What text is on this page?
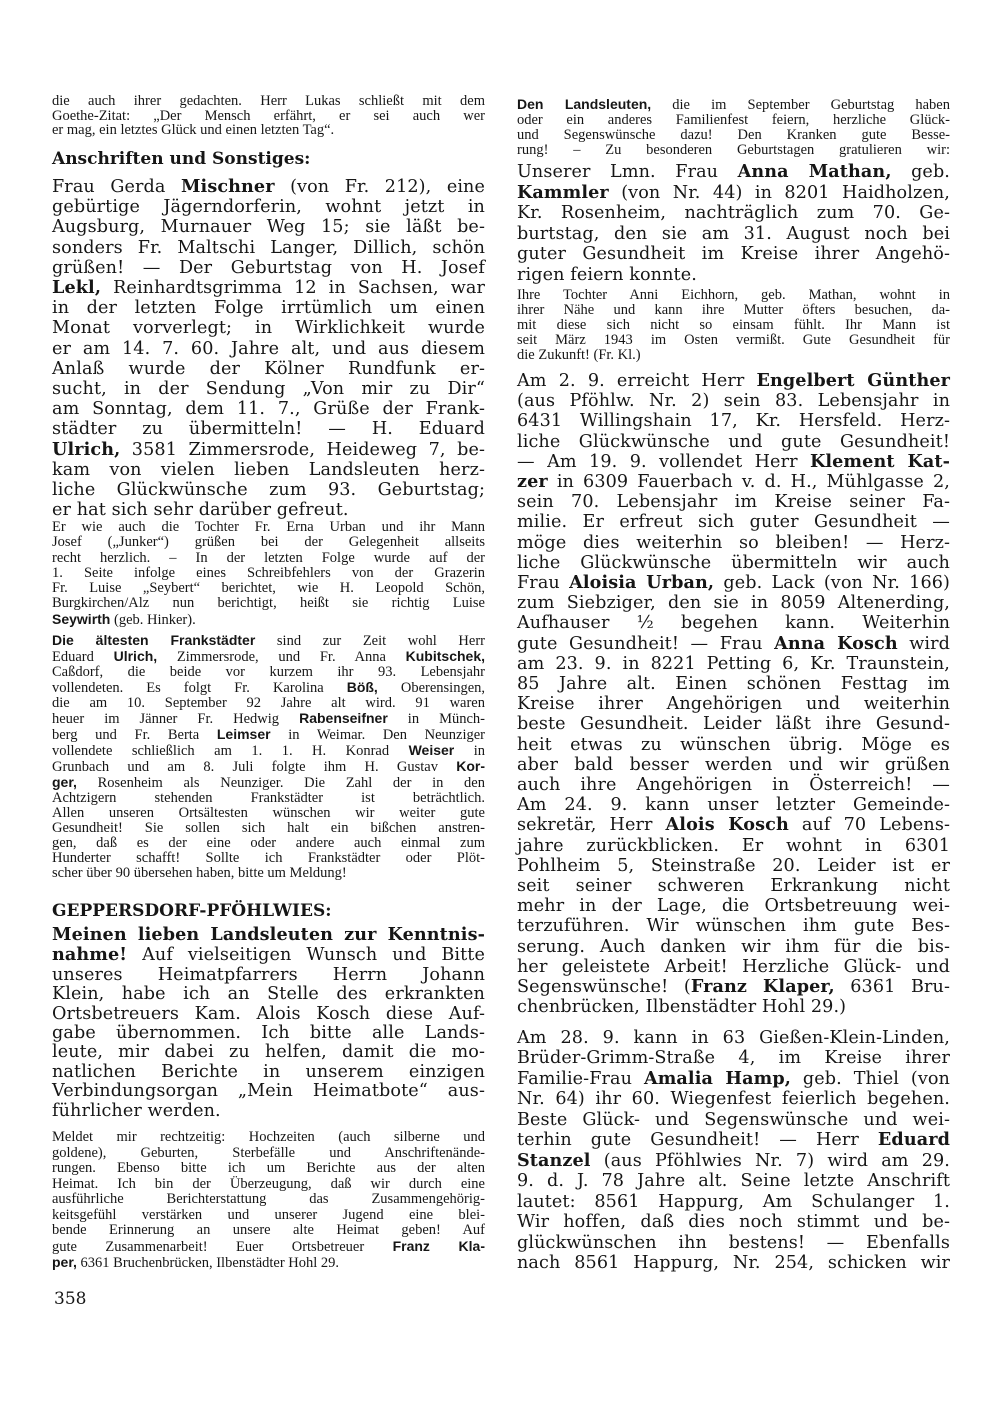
die auch ihrer gedachten. Herr Lukas schließt mit dem
Goethe-Zitat: „Der Mensch erfährt, er sei auch wer
er mag, ein letztes Glück und einen letzten Tag“.
Anschriften und Sonstiges:
Frau Gerda Mischner (von Fr. 212), eine
gebürtige Jägerndorferin, wohnt jetzt in
Augsburg, Murnauer Weg 15; sie läßt be-
sonders Fr. Maltschi Langer, Dillich, schön
grüßen! — Der Geburtstag von H. Josef
Lekl, Reinhardtsgrimma 12 in Sachsen, war
in der letzten Folge irrtümlich um einen
Monat vorverlegt; in Wirklichkeit wurde
er am 14. 7. 60. Jahre alt, und aus diesem
Anlaß wurde der Kölner Rundfunk er-
sucht, in der Sendung „Von mir zu Dir“
am Sonntag, dem 11. 7., Grüße der Frank-
städter zu übermitteln! — H. Eduard
Ulrich, 3581 Zimmersrode, Heideweg 7, be-
kam von vielen lieben Landsleuten herz-
liche Glückwünsche zum 93. Geburtstag;
er hat sich sehr darüber gefreut.
Er wie auch die Tochter Fr. Erna Urban und ihr Mann
Josef („Junker“) grüßen bei der Gelegenheit allseits
recht herzlich. – In der letzten Folge wurde auf der
1. Seite infolge eines Schreibfehlers von der Grazerin
Fr. Luise „Seybert“ berichtet, wie H. Leopold Schön,
Burgkirchen/Alz nun berichtigt, heißt sie richtig Luise
Seywirth (geb. Hinker).
Die ältesten Frankstädter sind zur Zeit wohl Herr
Eduard Ulrich, Zimmersrode, und Fr. Anna Kubitschek,
Caßdorf, die beide vor kurzem ihr 93. Lebensjahr
vollendeten. Es folgt Fr. Karolina Böß, Oberensingen,
die am 10. September 92 Jahre alt wird. 91 waren
heuer im Jänner Fr. Hedwig Rabenseifner in Münch-
berg und Fr. Berta Leimser in Weimar. Den Neunziger
vollendete schließlich am 1. 1. H. Konrad Weiser in
Grunbach und am 8. Juli folgte ihm H. Gustav Kor-
ger, Rosenheim als Neunziger. Die Zahl der in den
Achtzigern stehenden Frankstädter ist beträchtlich.
Allen unseren Ortsältesten wünschen wir weiter gute
Gesundheit! Sie sollen sich halt ein bißchen anstren-
gen, daß es der eine oder andere auch einmal zum
Hunderter schafft! Sollte ich Frankstädter oder Plöt-
scher über 90 übersehen haben, bitte um Meldung!
GEPPERSDORF-PFÖHLWIES:
Meinen lieben Landsleuten zur Kenntnis-
nahme! Auf vielseitigen Wunsch und Bitte
unseres Heimatpfarrers Herrn Johann
Klein, habe ich an Stelle des erkrankten
Ortsbetreuers Kam. Alois Kosch diese Auf-
gabe übernommen. Ich bitte alle Lands-
leute, mir dabei zu helfen, damit die mo-
natlichen Berichte in unserem einzigen
Verbindungsorgan „Mein Heimatbote“ aus-
führlicher werden.
Meldet mir rechtzeitig: Hochzeiten (auch silberne und
goldene), Geburten, Sterbefälle und Anschriftenände-
rungen. Ebenso bitte ich um Berichte aus der alten
Heimat. Ich bin der Überzeugung, daß wir durch eine
ausführliche Berichterstattung das Zusammengehörig-
keitsgefühl verstärken und unserer Jugend eine blei-
bende Erinnerung an unsere alte Heimat geben! Auf
gute Zusammenarbeit! Euer Ortsbetreuer Franz Kla-
per, 6361 Bruchenbrücken, Ilbenstädter Hohl 29.
358
Den Landsleuten, die im September Geburtstag haben
oder ein anderes Familienfest feiern, herzliche Glück-
und Segenswünsche dazu! Den Kranken gute Besse-
rung! – Zu besonderen Geburtstagen gratulieren wir:
Unserer Lmn. Frau Anna Mathan, geb.
Kammler (von Nr. 44) in 8201 Haidholzen,
Kr. Rosenheim, nachträglich zum 70. Ge-
burtstag, den sie am 31. August noch bei
guter Gesundheit im Kreise ihrer Angehö-
rigen feiern konnte.
Ihre Tochter Anni Eichhorn, geb. Mathan, wohnt in
ihrer Nähe und kann ihre Mutter öfters besuchen, da-
mit diese sich nicht so einsam fühlt. Ihr Mann ist
seit März 1943 im Osten vermißt. Gute Gesundheit für
die Zukunft! (Fr. Kl.)
Am 2. 9. erreicht Herr Engelbert Günther
(aus Pföhlw. Nr. 2) sein 83. Lebensjahr in
6431 Willingshain 17, Kr. Hersfeld. Herz-
liche Glückwünsche und gute Gesundheit!
— Am 19. 9. vollendet Herr Klement Kat-
zer in 6309 Fauerbach v. d. H., Mühlgasse 2,
sein 70. Lebensjahr im Kreise seiner Fa-
milie. Er erfreut sich guter Gesundheit —
möge dies weiterhin so bleiben! — Herz-
liche Glückwünsche übermitteln wir auch
Frau Aloisia Urban, geb. Lack (von Nr. 166)
zum Siebziger, den sie in 8059 Altenerding,
Aufhauser ½ begehen kann. Weiterhin
gute Gesundheit! — Frau Anna Kosch wird
am 23. 9. in 8221 Petting 6, Kr. Traunstein,
85 Jahre alt. Einen schönen Festtag im
Kreise ihrer Angehörigen und weiterhin
beste Gesundheit. Leider läßt ihre Gesund-
heit etwas zu wünschen übrig. Möge es
aber bald besser werden und wir grüßen
auch ihre Angehörigen in Österreich! —
Am 24. 9. kann unser letzter Gemeinde-
sekretär, Herr Alois Kosch auf 70 Lebens-
jahre zurückblicken. Er wohnt in 6301
Pohlheim 5, Steinstraße 20. Leider ist er
seit seiner schweren Erkrankung nicht
mehr in der Lage, die Ortsbetreuung wei-
terzuführen. Wir wünschen ihm gute Bes-
serung. Auch danken wir ihm für die bis-
her geleistete Arbeit! Herzliche Glück- und
Segenswünsche! (Franz Klaper, 6361 Bru-
chenbrücken, Ilbenstädter Hohl 29.)
Am 28. 9. kann in 63 Gießen-Klein-Linden,
Brüder-Grimm-Straße 4, im Kreise ihrer
Familie-Frau Amalia Hamp, geb. Thiel (von
Nr. 64) ihr 60. Wiegenfest feierlich begehen.
Beste Glück- und Segenswünsche und wei-
terhin gute Gesundheit! — Herr Eduard
Stanzel (aus Pföhlwies Nr. 7) wird am 29.
9. d. J. 78 Jahre alt. Seine letzte Anschrift
lautet: 8561 Happurg, Am Schulanger 1.
Wir hoffen, daß dies noch stimmt und be-
glückwünschen ihn bestens! — Ebenfalls
nach 8561 Happurg, Nr. 254, schicken wir
